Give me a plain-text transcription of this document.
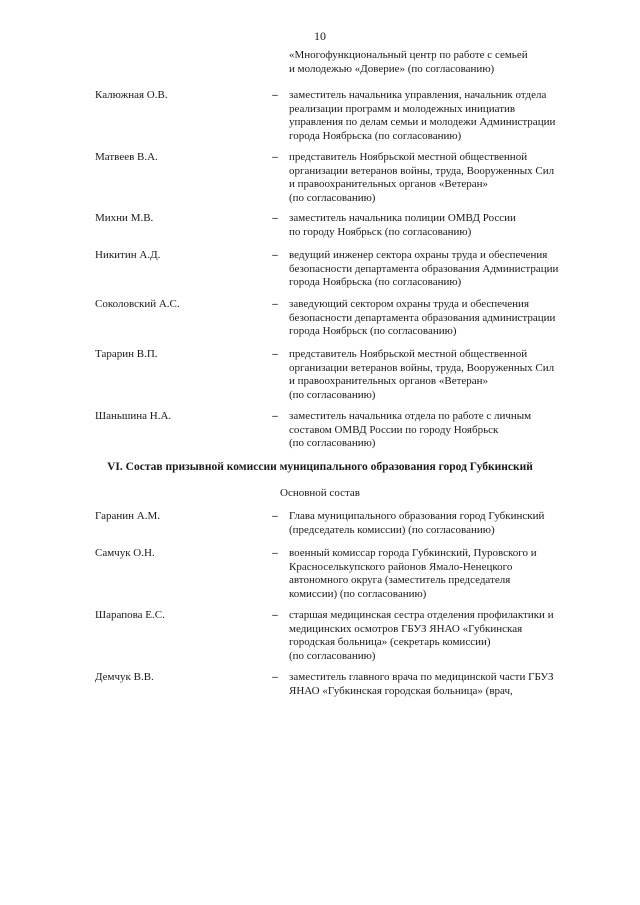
10
«Многофункциональный центр по работе с семьей
и молодежью «Доверие» (по согласованию)
Калюжная О.В.	– заместитель начальника управления, начальник отдела
реализации программ и молодежных инициатив
управления по делам семьи и молодежи Администрации
города Ноябрьска (по согласованию)
Матвеев В.А.	– представитель Ноябрьской местной общественной
организации ветеранов войны, труда, Вооруженных Сил
и правоохранительных органов «Ветеран»
(по согласованию)
Михни М.В.	– заместитель начальника полиции ОМВД России
по городу Ноябрьск (по согласованию)
Никитин А.Д.	– ведущий инженер сектора охраны труда и обеспечения
безопасности департамента образования Администрации
города Ноябрьска (по согласованию)
Соколовский А.С.	– заведующий сектором охраны труда и обеспечения
безопасности департамента образования администрации
города Ноябрьск (по согласованию)
Тарарин В.П.	– представитель Ноябрьской местной общественной
организации ветеранов войны, труда, Вооруженных Сил
и правоохранительных органов «Ветеран»
(по согласованию)
Шаньшина Н.А.	– заместитель начальника отдела по работе с личным
составом ОМВД России по городу Ноябрьск
(по согласованию)
VI. Состав призывной комиссии муниципального образования город Губкинский
Основной состав
Гаранин А.М.	– Глава муниципального образования город Губкинский
(председатель комиссии) (по согласованию)
Самчук О.Н.	– военный комиссар города Губкинский, Пуровского и
Красноселькупского районов Ямало-Ненецкого
автономного округа (заместитель председателя
комиссии) (по согласованию)
Шарапова Е.С.	– старшая медицинская сестра отделения профилактики и
медицинских осмотров ГБУЗ ЯНАО «Губкинская
городская больница» (секретарь комиссии)
(по согласованию)
Демчук В.В.	– заместитель главного врача по медицинской части ГБУЗ
ЯНАО «Губкинская городская больница» (врач,
